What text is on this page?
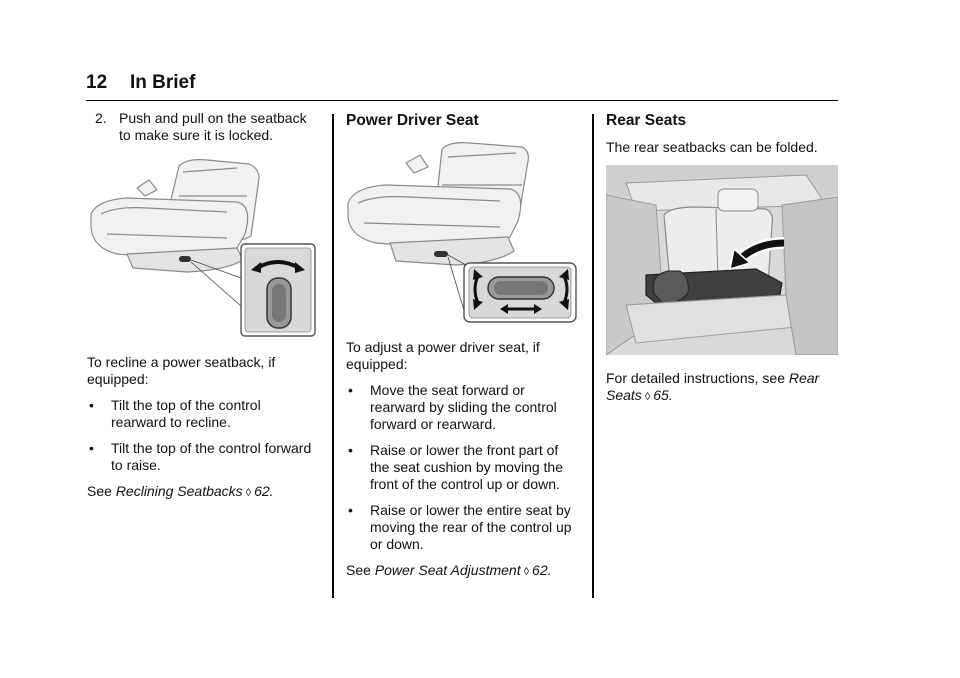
12 In Brief
2. Push and pull on the seatback to make sure it is locked.

To recline a power seatback, if equipped:

•	Tilt the top of the control rearward to recline.
•	Tilt the top of the control forward to raise.

See Reclining Seatbacks ◊ 62.

Power Driver Seat

To adjust a power driver seat, if equipped:

•	Move the seat forward or rearward by sliding the control forward or rearward.
•	Raise or lower the front part of the seat cushion by moving the front of the control up or down.
•	Raise or lower the entire seat by moving the rear of the control up or down.

See Power Seat Adjustment ◊ 62.

Rear Seats

The rear seatbacks can be folded.

For detailed instructions, see Rear Seats ◊ 65.
